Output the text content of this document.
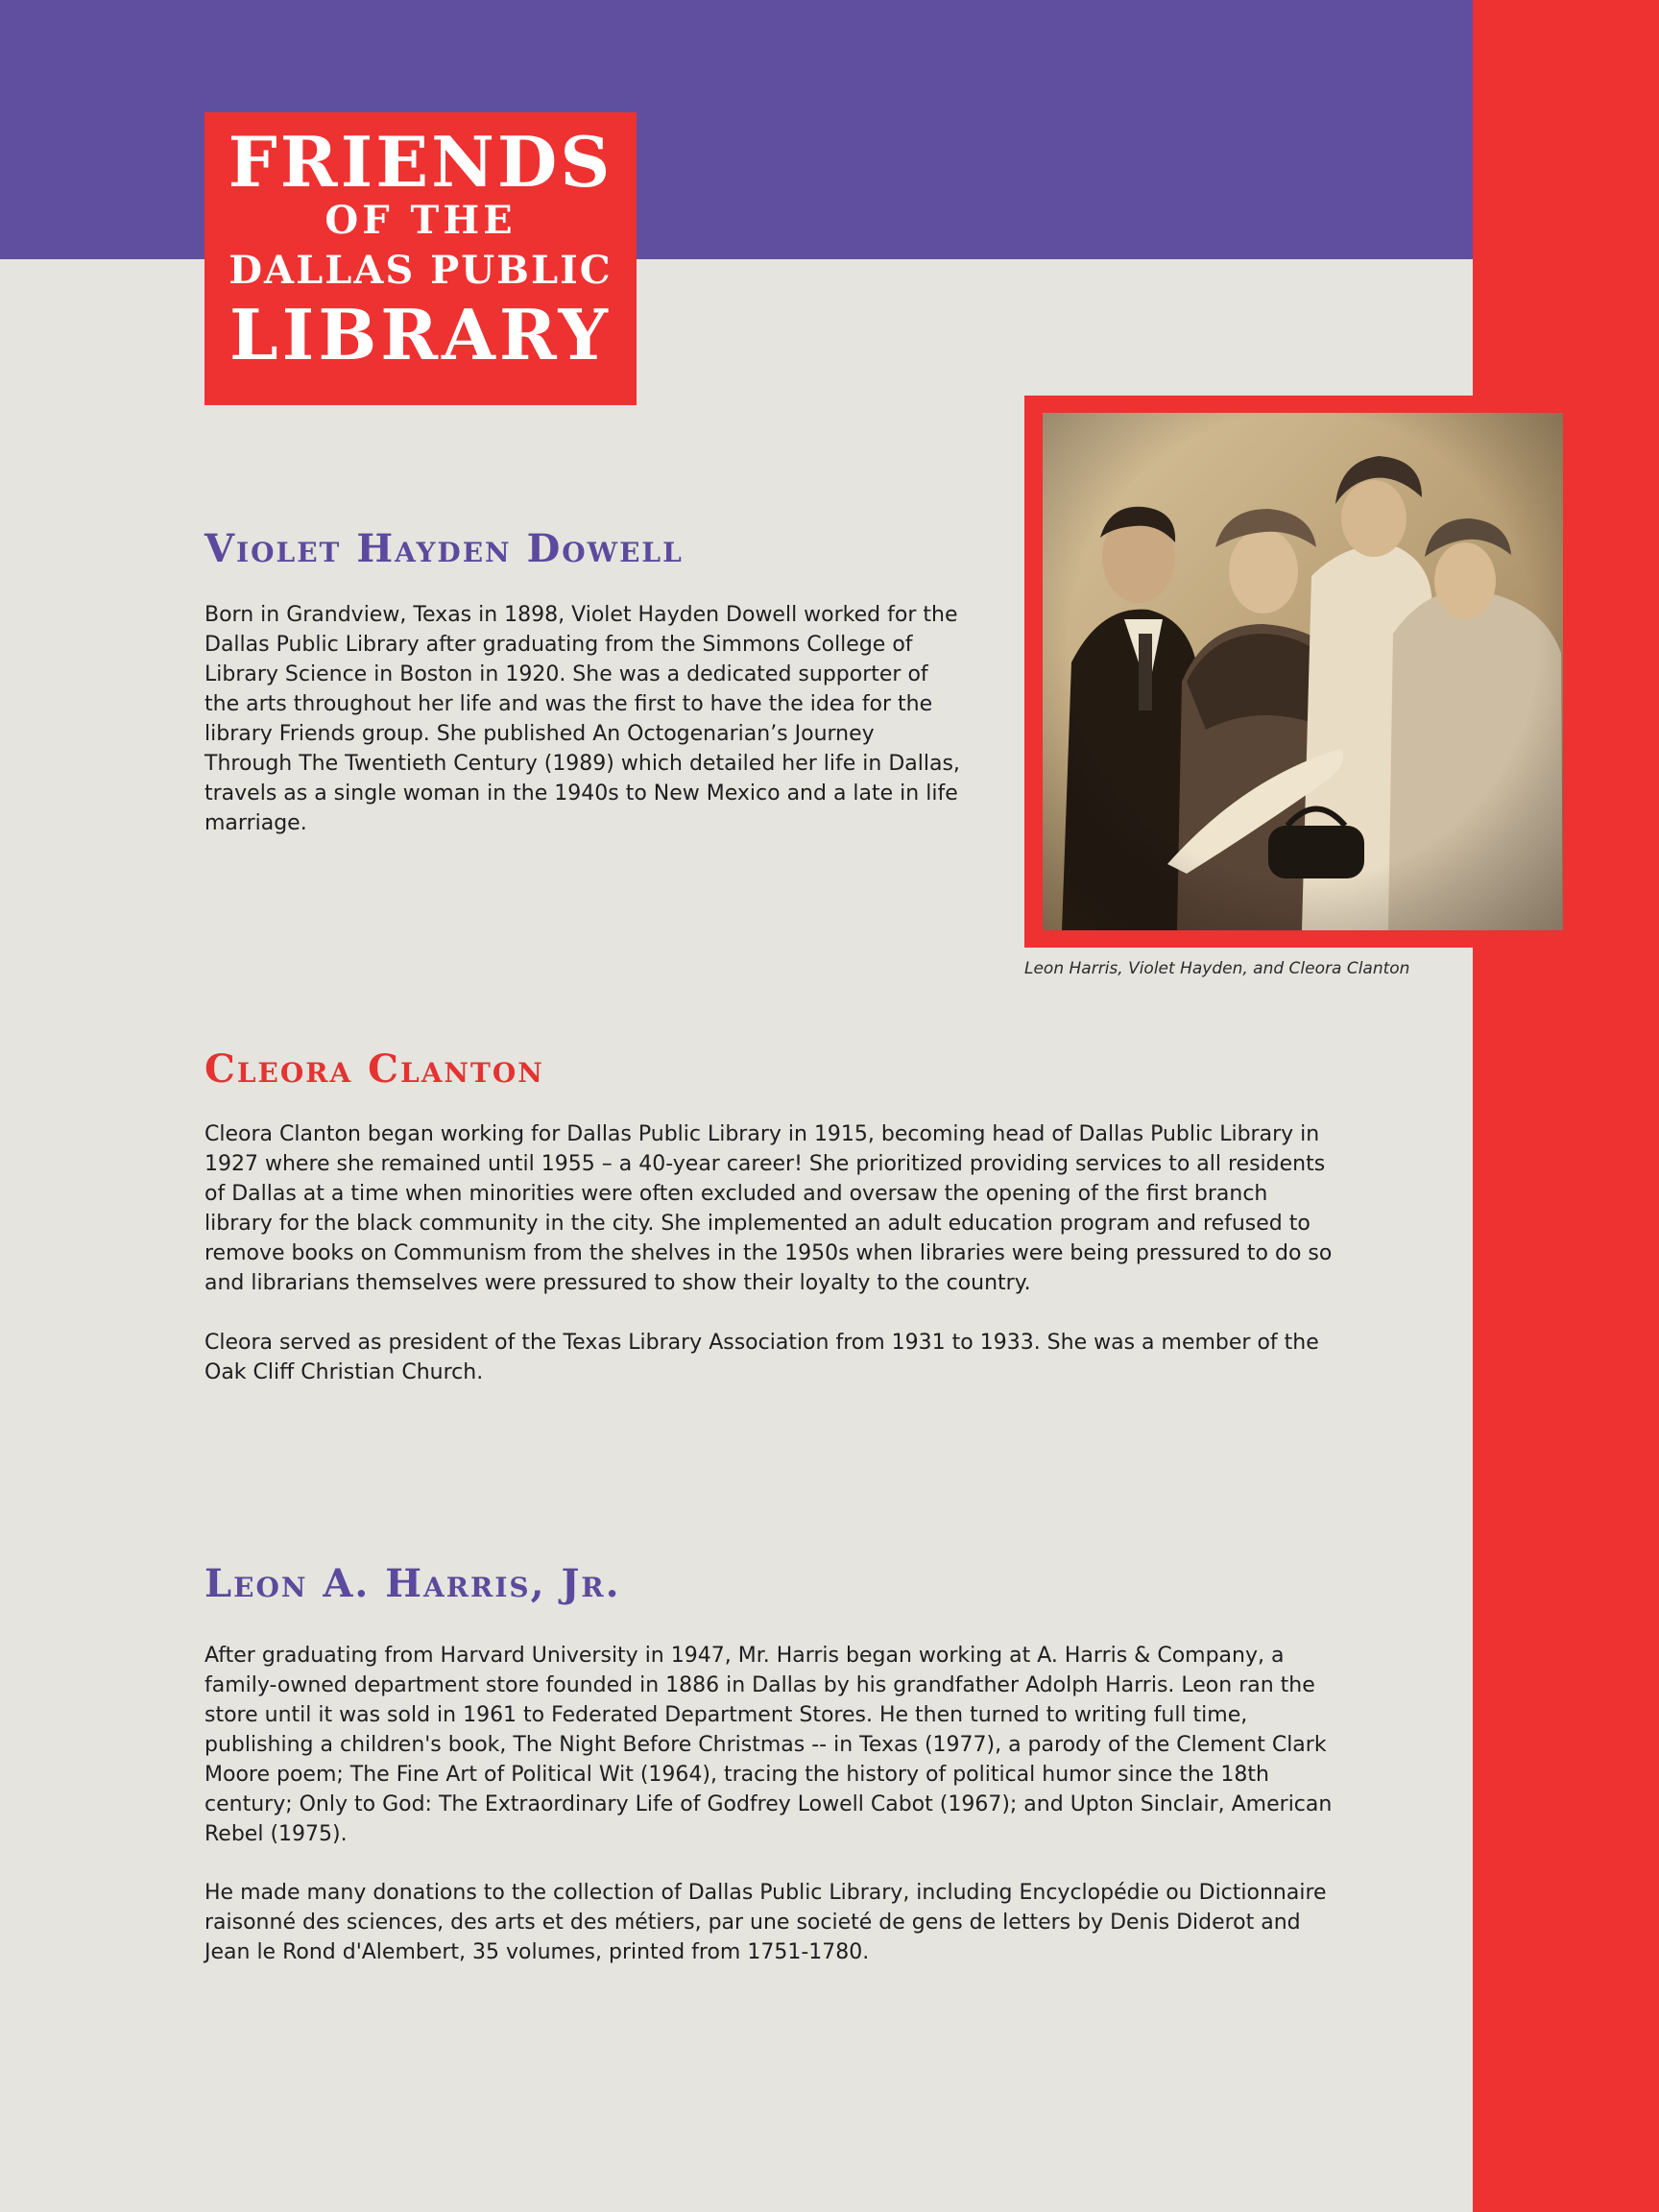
FRIENDS
OF THE
DALLAS PUBLIC
LIBRARY
Leon Harris, Violet Hayden, and Cleora Clanton
Violet Hayden Dowell

Born in Grandview, Texas in 1898, Violet Hayden Dowell worked for the Dallas Public Library after graduating from the Simmons College of Library Science in Boston in 1920. She was a dedicated supporter of the arts throughout her life and was the first to have the idea for the library Friends group. She published An Octogenarian’s Journey Through The Twentieth Century (1989) which detailed her life in Dallas, travels as a single woman in the 1940s to New Mexico and a late in life marriage.

Cleora Clanton

Cleora Clanton began working for Dallas Public Library in 1915, becoming head of Dallas Public Library in 1927 where she remained until 1955 – a 40-year career! She prioritized providing services to all residents of Dallas at a time when minorities were often excluded and oversaw the opening of the first branch library for the black community in the city. She implemented an adult education program and refused to remove books on Communism from the shelves in the 1950s when libraries were being pressured to do so and librarians themselves were pressured to show their loyalty to the country.

Cleora served as president of the Texas Library Association from 1931 to 1933. She was a member of the Oak Cliff Christian Church.

Leon A. Harris, Jr.

After graduating from Harvard University in 1947, Mr. Harris began working at A. Harris & Company, a family-owned department store founded in 1886 in Dallas by his grandfather Adolph Harris. Leon ran the store until it was sold in 1961 to Federated Department Stores. He then turned to writing full time, publishing a children's book, The Night Before Christmas -- in Texas (1977), a parody of the Clement Clark Moore poem; The Fine Art of Political Wit (1964), tracing the history of political humor since the 18th century; Only to God: The Extraordinary Life of Godfrey Lowell Cabot (1967); and Upton Sinclair, American Rebel (1975).

He made many donations to the collection of Dallas Public Library, including Encyclopédie ou Dictionnaire raisonné des sciences, des arts et des métiers, par une societé de gens de letters by Denis Diderot and Jean le Rond d'Alembert, 35 volumes, printed from 1751-1780.
